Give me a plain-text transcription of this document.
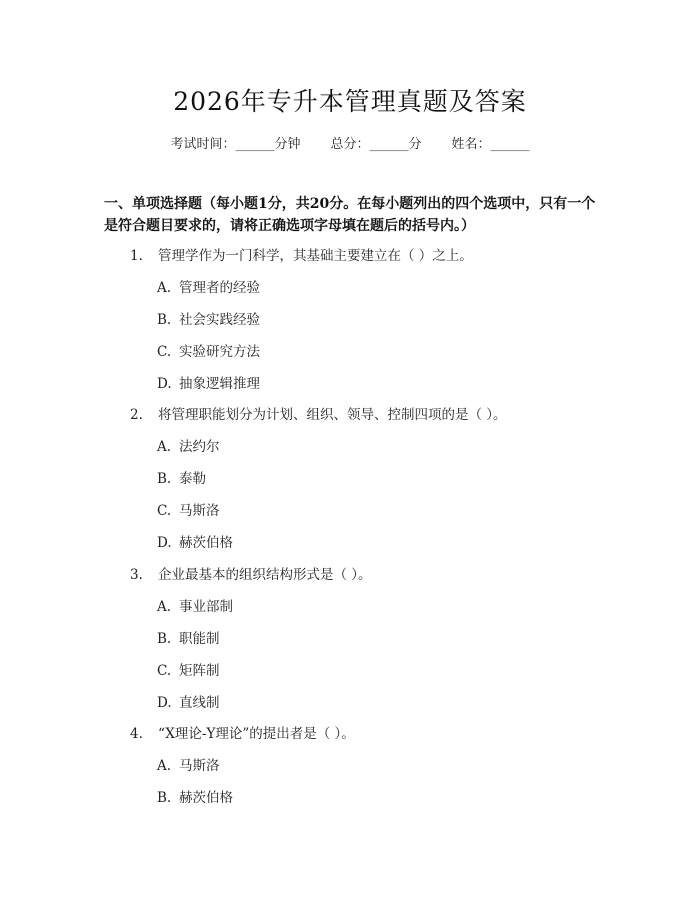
2026年专升本管理真题及答案
考试时间：______分钟 总分：______分 姓名：______
一、单项选择题（每小题1分，共20分。在每小题列出的四个选项中，只有一个是符合题目要求的，请将正确选项字母填在题后的括号内。）
1. 管理学作为一门科学，其基础主要建立在（ ）之上。
A. 管理者的经验
B. 社会实践经验
C. 实验研究方法
D. 抽象逻辑推理
2. 将管理职能划分为计划、组织、领导、控制四项的是（ ）。
A. 法约尔
B. 泰勒
C. 马斯洛
D. 赫茨伯格
3. 企业最基本的组织结构形式是（ ）。
A. 事业部制
B. 职能制
C. 矩阵制
D. 直线制
4. “X理论-Y理论”的提出者是（ ）。
A. 马斯洛
B. 赫茨伯格
